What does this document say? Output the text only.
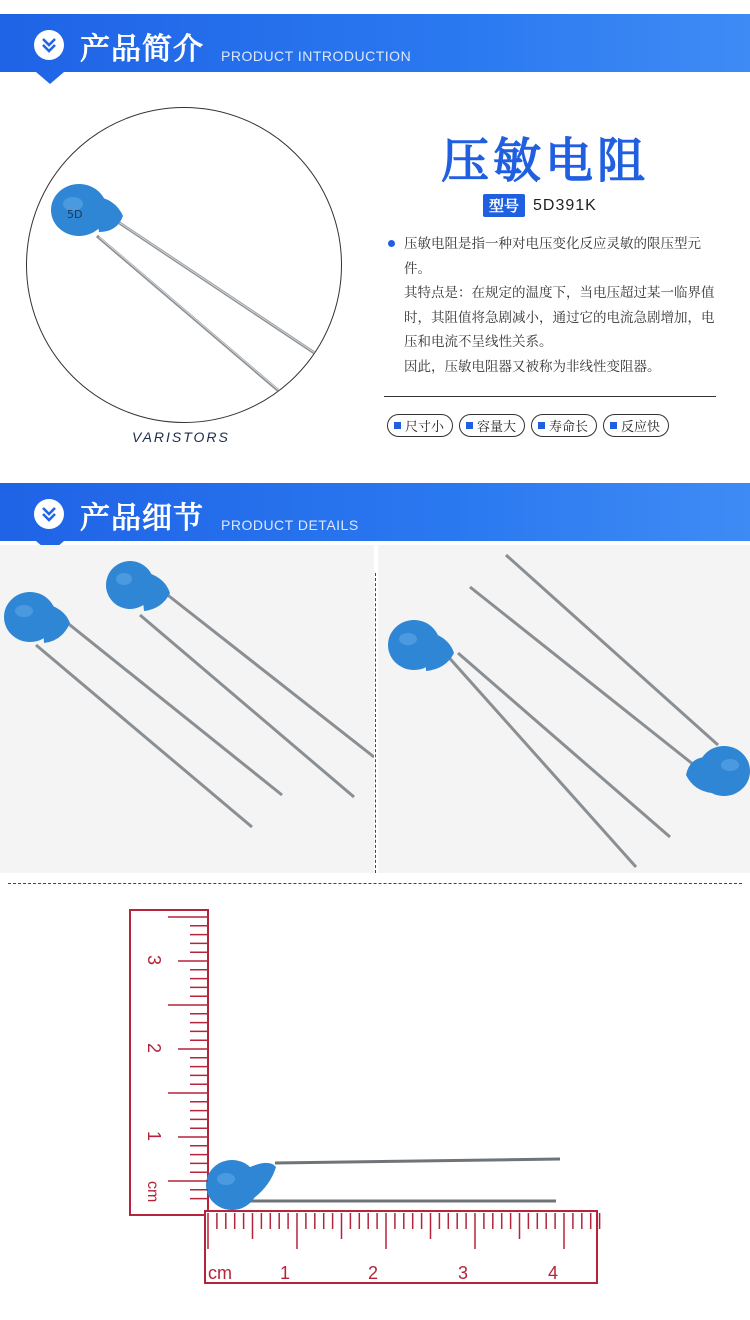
产品简介 PRODUCT INTRODUCTION
5D
VARISTORS
压敏电阻
型号 5D391K

压敏电阻是指一种对电压变化反应灵敏的限压型元件。

其特点是：在规定的温度下，当电压超过某一临界值时，其阻值将急剧减小，通过它的电流急剧增加，电压和电流不呈线性关系。

因此，压敏电阻器又被称为非线性变阻器。

尺寸小	容量大	寿命长	反应快
产品细节 PRODUCT DETAILS
3
2
1
cm
cm	1	2	3	4
